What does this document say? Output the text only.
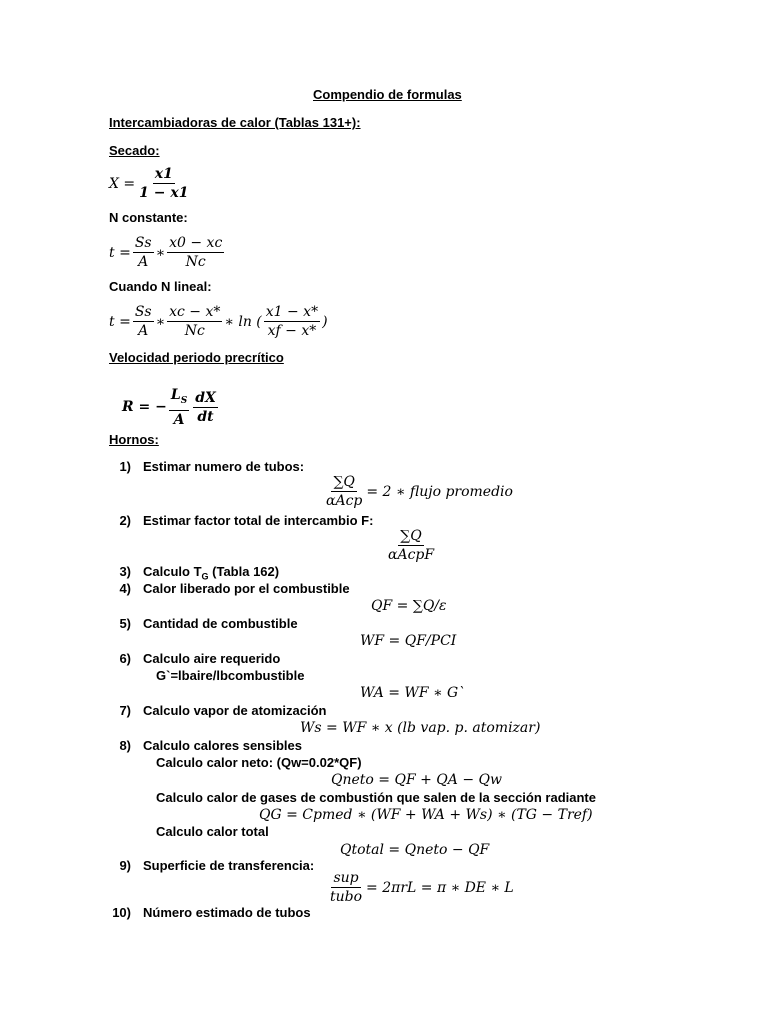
Compendio de formulas
Intercambiadoras de calor (Tablas 131+):
Secado:
$X = \frac{x1}{1 - x1}$
N constante:
$t = \frac{Ss}{A}$ ∗ $\frac{x0 - xc}{Nc}$
Cuando N lineal:
$t = \frac{Ss}{A}$ ∗ $\frac{xc - x*}{Nc}$ ∗ ln ( $\frac{x1 - x*}{xf - x*}$ )
Velocidad periodo precrítico
R = − $\frac{L_S}{A} \frac{dX}{dt}$
Hornos:
1) Estimar numero de tubos:
$\frac{\sum Q}{\text{αAcp}} = 2$ ∗ flujo promedio
2) Estimar factor total de intercambio F:
$\frac{\sum Q}{\text{αAcpF}}$
3) Calculo $T_G$ (Tabla 162)
4) Calor liberado por el combustible
QF = ∑Q/ε
5) Cantidad de combustible
WF = QF/PCI
6) Calculo aire requerido
G`=lbaire/lbcombustible
WA = WF ∗ G`
7) Calculo vapor de atomización
Ws = WF ∗ x (lb vap. p. atomizar)
8) Calculo calores sensibles
Calculo calor neto: (Qw=0.02*QF)
Qneto = QF + QA − Qw
Calculo calor de gases de combustión que salen de la sección radiante
QG = Cpmed ∗ (WF + WA + Ws) ∗ (TG − Tref)
Calculo calor total
Qtotal = Qneto − QF
9) Superficie de transferencia:
$\frac{\text{sup}}{\text{tubo}} = 2\pi rL = \pi$ ∗ DE ∗ L
10) Número estimado de tubos
